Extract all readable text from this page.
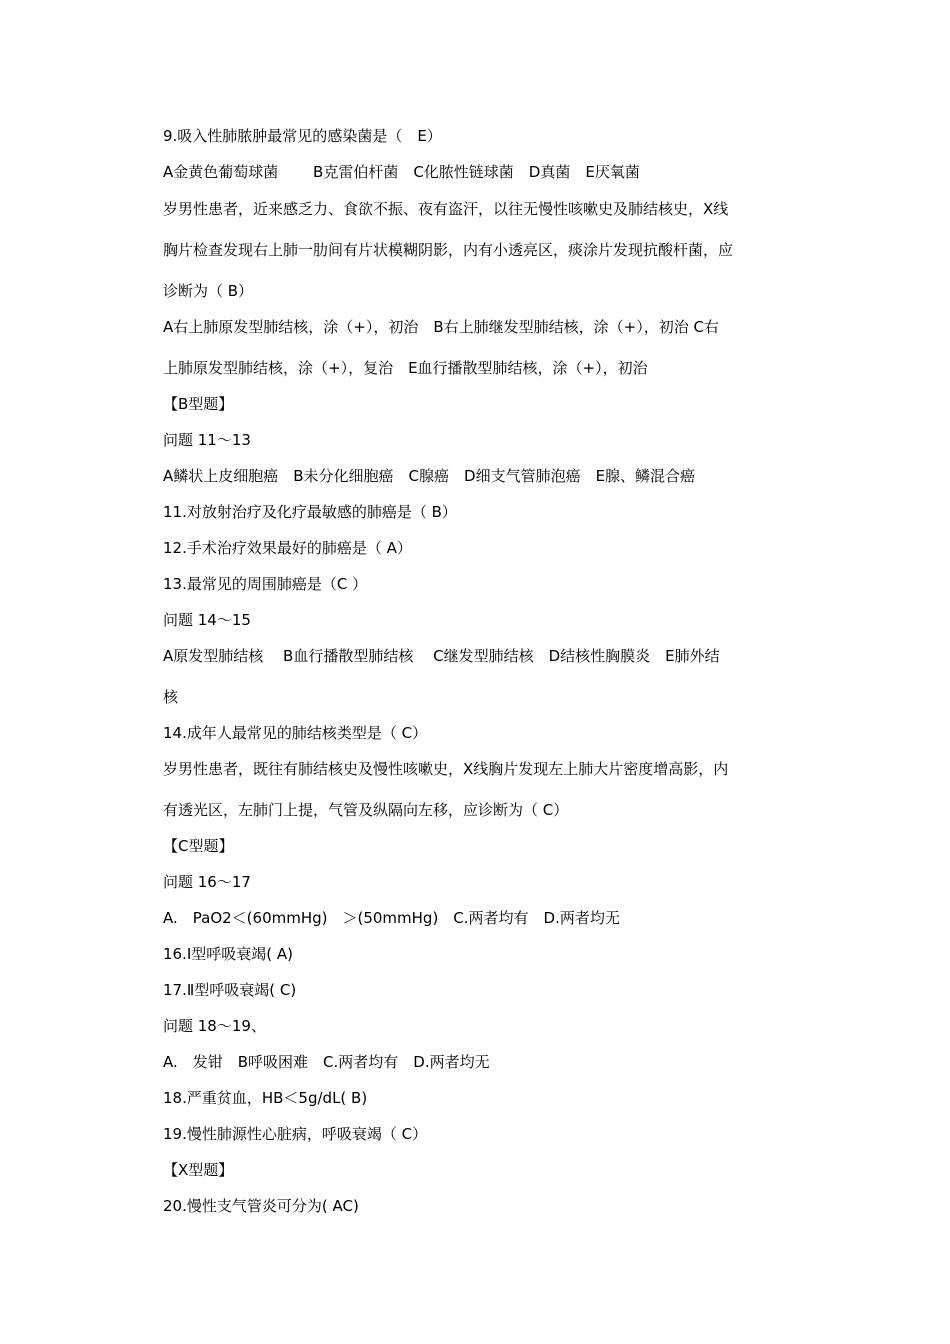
9.吸入性肺脓肿最常见的感染菌是（　E）
A金黄色葡萄球菌　　 B克雷伯杆菌　C化脓性链球菌　D真菌　E厌氧菌
岁男性患者，近来感乏力、食欲不振、夜有盗汗，以往无慢性咳嗽史及肺结核史，X线
胸片检查发现右上肺一肋间有片状模糊阴影，内有小透亮区，痰涂片发现抗酸杆菌，应
诊断为（ B）
A右上肺原发型肺结核，涂（+），初治　B右上肺继发型肺结核，涂（+），初治 C右
上肺原发型肺结核，涂（+），复治　E血行播散型肺结核，涂（+），初治
【B型题】
问题 11～13
A鳞状上皮细胞癌　B未分化细胞癌　C腺癌　D细支气管肺泡癌　E腺、鳞混合癌
11.对放射治疗及化疗最敏感的肺癌是（ B）
12.手术治疗效果最好的肺癌是（ A）
13.最常见的周围肺癌是（C ）
问题 14～15
A原发型肺结核　 B血行播散型肺结核　 C继发型肺结核　D结核性胸膜炎　E肺外结
核
14.成年人最常见的肺结核类型是（ C）
岁男性患者，既往有肺结核史及慢性咳嗽史，X线胸片发现左上肺大片密度增高影，内
有透光区，左肺门上提，气管及纵隔向左移，应诊断为（ C）
【C型题】
问题 16～17
A.　PaO2＜(60mmHg)　＞(50mmHg)　C.两者均有　D.两者均无
16.Ⅰ型呼吸衰竭( A)
17.Ⅱ型呼吸衰竭( C)
问题 18～19、
A.　发钳　B呼吸困难　C.两者均有　D.两者均无
18.严重贫血，HB＜5g/dL( B)
19.慢性肺源性心脏病，呼吸衰竭（ C）
【X型题】
20.慢性支气管炎可分为( AC)
